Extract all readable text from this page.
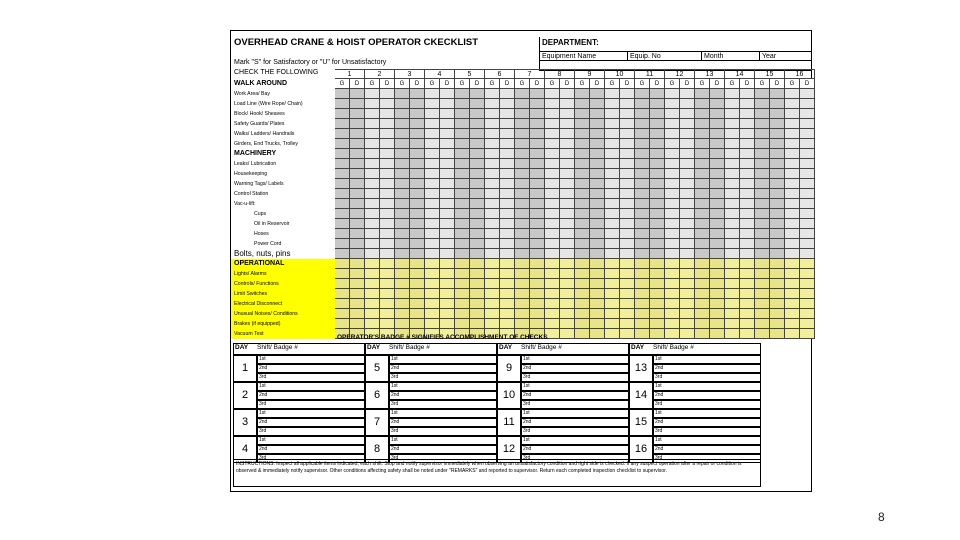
OVERHEAD CRANE & HOIST OPERATOR CKECKLIST
Mark "S" for Satisfactory or "U" for Unsatisfactory
CHECK THE FOLLOWING
DEPARTMENT:
Equipment Name	Equip. No	Month	Year
1	2	3	4	5	6	7	8	9	10	11	12	13	14	15	16
WALK AROUND	G	D	G	D	G	D	G	D	G	D	G	D	G	D	G	D	G	D	G	D	G	D	G	D	G	D	G	D	G	D	G	D
Work Area/ Bay
Load Line (Wire Rope/ Chain)
Block/ Hook/ Sheaves
Safety Guards/ Plates
Walks/ Ladders/ Handrails
Girders, End Trucks, Trolley
MACHINERY
Leaks/ Lubrication
Housekeeping
Warning Tags/ Labels
Control Station
Vac-u-lift:
Cups
Oil in Reservoir
Hoses
Power Cord
Bolts, nuts, pins
OPERATIONAL
Lights/ Alarms
Controls/ Functions
Limit Switches
Electrical Disconnect
Unusual Noises/ Conditions
Brakes (if equipped)
Vacuum Test	OPERATOR'S BADGE # SIGNIFIES ACCOMPLISHMENT OF CHECKS
DAY	Shift/ Badge #
1
1st
2nd
3rd
2
1st
2nd
3rd
3
1st
2nd
3rd
4
1st
2nd
3rd
DAY	Shift/ Badge #
5
1st
2nd
3rd
6
1st
2nd
3rd
7
1st
2nd
3rd
8
1st
2nd
3rd
DAY	Shift/ Badge #
9
1st
2nd
3rd
10
1st
2nd
3rd
11
1st
2nd
3rd
12
1st
2nd
3rd
DAY	Shift/ Badge #
13
1st
2nd
3rd
14
1st
2nd
3rd
15
1st
2nd
3rd
16
1st
2nd
3rd
INSTRUCTIONS: Inspect all applicable items indicated, each shift. Stop and notify supervisor immediately when observing an unsatisfactory condition and right side is checked. If any suspect operation after a repair or condition is observed & immediately notify supervisor. Other conditions affecting safety shall be noted under "REMARKS" and reported to supervisor. Return each completed inspection checklist to supervisor.
8
